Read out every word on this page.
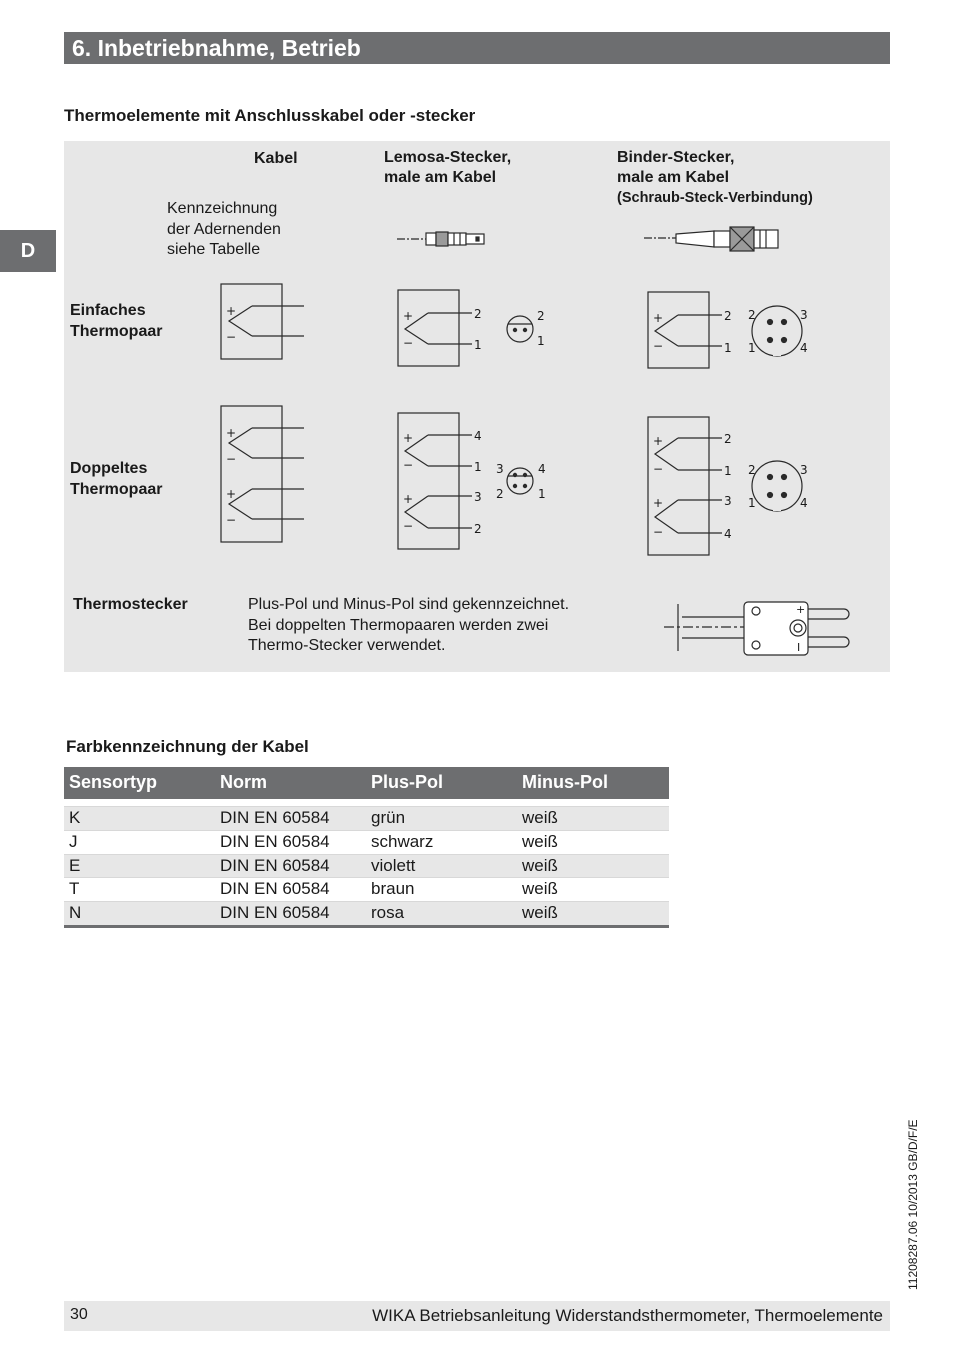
6. Inbetriebnahme, Betrieb
D
Thermoelemente mit Anschlusskabel oder -stecker
Kabel	Lemosa-Stecker,
male am Kabel
Binder-Stecker,
male am Kabel
(Schraub-Steck-Verbindung)
Kennzeichnung
der Adernenden
siehe Tabelle
Einfaches
Thermopaar
Doppeltes
Thermopaar
Thermostecker	Plus-Pol und Minus-Pol sind gekennzeichnet.
Bei doppelten Thermopaaren werden zwei
Thermo-Stecker verwendet.
+
−
+
−
+
−
+
−
2
1
2
1
+
−
+
−
4
1
3
2
3	4
2	1
+
−
2
1
2	3
1	4
+
−
+
−
2
1
3
4
2	3
1	4
+
I
Farbkennzeichnung der Kabel
Sensortyp	Norm	Plus-Pol	Minus-Pol
K	DIN EN 60584 grün	weiß
J	DIN EN 60584 schwarz	weiß
E	DIN EN 60584 violett	weiß
T	DIN EN 60584 braun	weiß
N	DIN EN 60584 rosa	weiß
11208287.06 10/2013 GB/D/F/E
30	WIKA Betriebsanleitung Widerstandsthermometer, Thermoelemente
